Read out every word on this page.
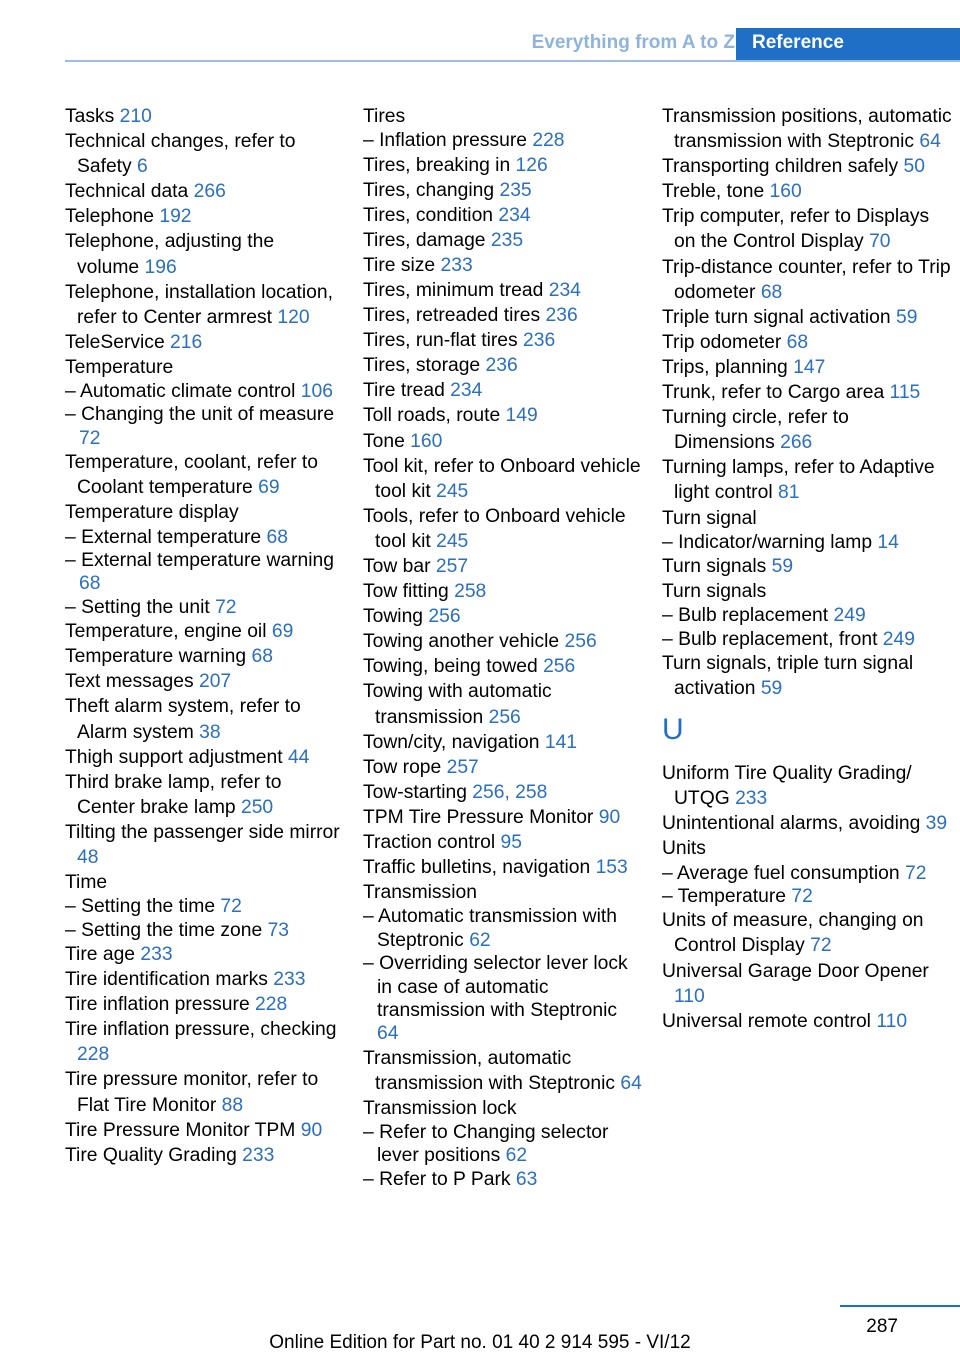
Everything from A to Z Reference
Tasks 210
Technical changes, refer to Safety 6
Technical data 266
Telephone 192
Telephone, adjusting the volume 196
Telephone, installation location, refer to Center armrest 120
TeleService 216
Temperature
– Automatic climate control 106
– Changing the unit of measure 72
Temperature, coolant, refer to Coolant temperature 69
Temperature display
– External temperature 68
– External temperature warning 68
– Setting the unit 72
Temperature, engine oil 69
Temperature warning 68
Text messages 207
Theft alarm system, refer to Alarm system 38
Thigh support adjustment 44
Third brake lamp, refer to Center brake lamp 250
Tilting the passenger side mirror 48
Time
– Setting the time 72
– Setting the time zone 73
Tire age 233
Tire identification marks 233
Tire inflation pressure 228
Tire inflation pressure, checking 228
Tire pressure monitor, refer to Flat Tire Monitor 88
Tire Pressure Monitor TPM 90
Tire Quality Grading 233
Tires
– Inflation pressure 228
Tires, breaking in 126
Tires, changing 235
Tires, condition 234
Tires, damage 235
Tire size 233
Tires, minimum tread 234
Tires, retreaded tires 236
Tires, run-flat tires 236
Tires, storage 236
Tire tread 234
Toll roads, route 149
Tone 160
Tool kit, refer to Onboard vehicle tool kit 245
Tools, refer to Onboard vehicle tool kit 245
Tow bar 257
Tow fitting 258
Towing 256
Towing another vehicle 256
Towing, being towed 256
Towing with automatic transmission 256
Town/city, navigation 141
Tow rope 257
Tow-starting 256, 258
TPM Tire Pressure Monitor 90
Traction control 95
Traffic bulletins, navigation 153
Transmission
– Automatic transmission with Steptronic 62
– Overriding selector lever lock in case of automatic transmission with Steptronic 64
Transmission, automatic transmission with Steptronic 64
Transmission lock
– Refer to Changing selector lever positions 62
– Refer to P Park 63
Transmission positions, automatic transmission with Steptronic 64
Transporting children safely 50
Treble, tone 160
Trip computer, refer to Displays on the Control Display 70
Trip-distance counter, refer to Trip odometer 68
Triple turn signal activation 59
Trip odometer 68
Trips, planning 147
Trunk, refer to Cargo area 115
Turning circle, refer to Dimensions 266
Turning lamps, refer to Adaptive light control 81
Turn signal
– Indicator/warning lamp 14
Turn signals 59
Turn signals
– Bulb replacement 249
– Bulb replacement, front 249
Turn signals, triple turn signal activation 59
U
Uniform Tire Quality Grading/ UTQG 233
Unintentional alarms, avoiding 39
Units
– Average fuel consumption 72
– Temperature 72
Units of measure, changing on Control Display 72
Universal Garage Door Opener 110
Universal remote control 110
287
Online Edition for Part no. 01 40 2 914 595 - VI/12
